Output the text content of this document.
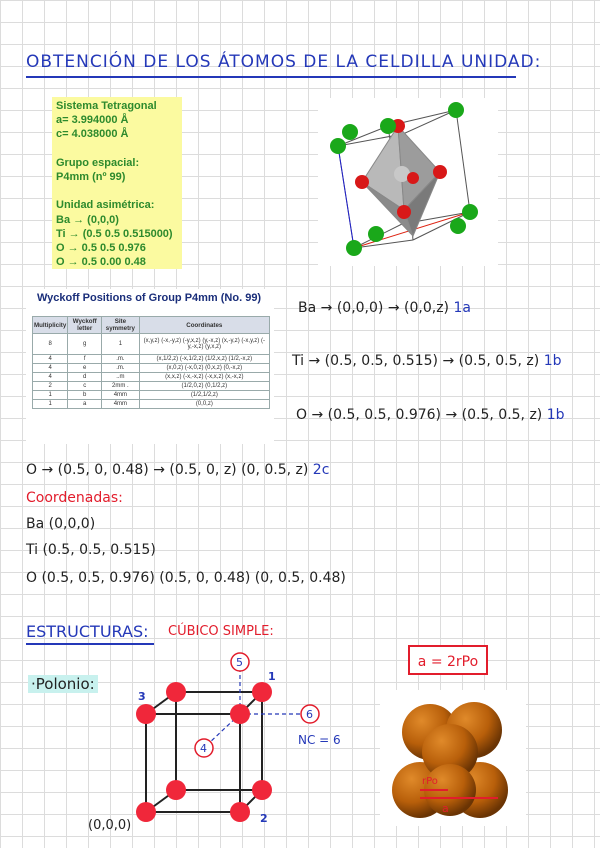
OBTENCIÓN DE LOS ÁTOMOS DE LA CELDILLA UNIDAD:
Sistema Tetragonal
a= 3.994000 Å
c= 4.038000 Å

Grupo espacial:
P4mm (nº 99)

Unidad asimétrica:
Ba → (0,0,0)
Ti → (0.5 0.5 0.515000)
O → 0.5 0.5 0.976
O → 0.5 0.00 0.48
Wyckoff Positions of Group P4mm (No. 99)
Multiplicity	Wyckoff letter	Site symmetry	Coordinates
8	g	1	(x,y,z) (-x,-y,z) (-y,x,z) (y,-x,z) (x,-y,z) (-x,y,z) (-y,-x,z) (y,x,z)
4	f	.m.	(x,1/2,z) (-x,1/2,z) (1/2,x,z) (1/2,-x,z)
4	e	.m.	(x,0,z) (-x,0,z) (0,x,z) (0,-x,z)
4	d	..m	(x,x,z) (-x,-x,z) (-x,x,z) (x,-x,z)
2	c	2mm .	(1/2,0,z) (0,1/2,z)
1	b	4mm	(1/2,1/2,z)
1	a	4mm	(0,0,z)
Ba → (0,0,0) → (0,0,z) 1a
Ti → (0.5, 0.5, 0.515) → (0.5, 0.5, z) 1b
O → (0.5, 0.5, 0.976) → (0.5, 0.5, z) 1b
O → (0.5, 0, 0.48) → (0.5, 0, z) (0, 0.5, z) 2c
Coordenadas:
Ba (0,0,0)
Ti (0.5, 0.5, 0.515)
O (0.5, 0.5, 0.976) (0.5, 0, 0.48) (0, 0.5, 0.48)
ESTRUCTURAS: CÚBICO SIMPLE:
·Polonio:	1
2
3
4
5
6
NC = 6
(0,0,0)
a = 2rPo
rPo
a
